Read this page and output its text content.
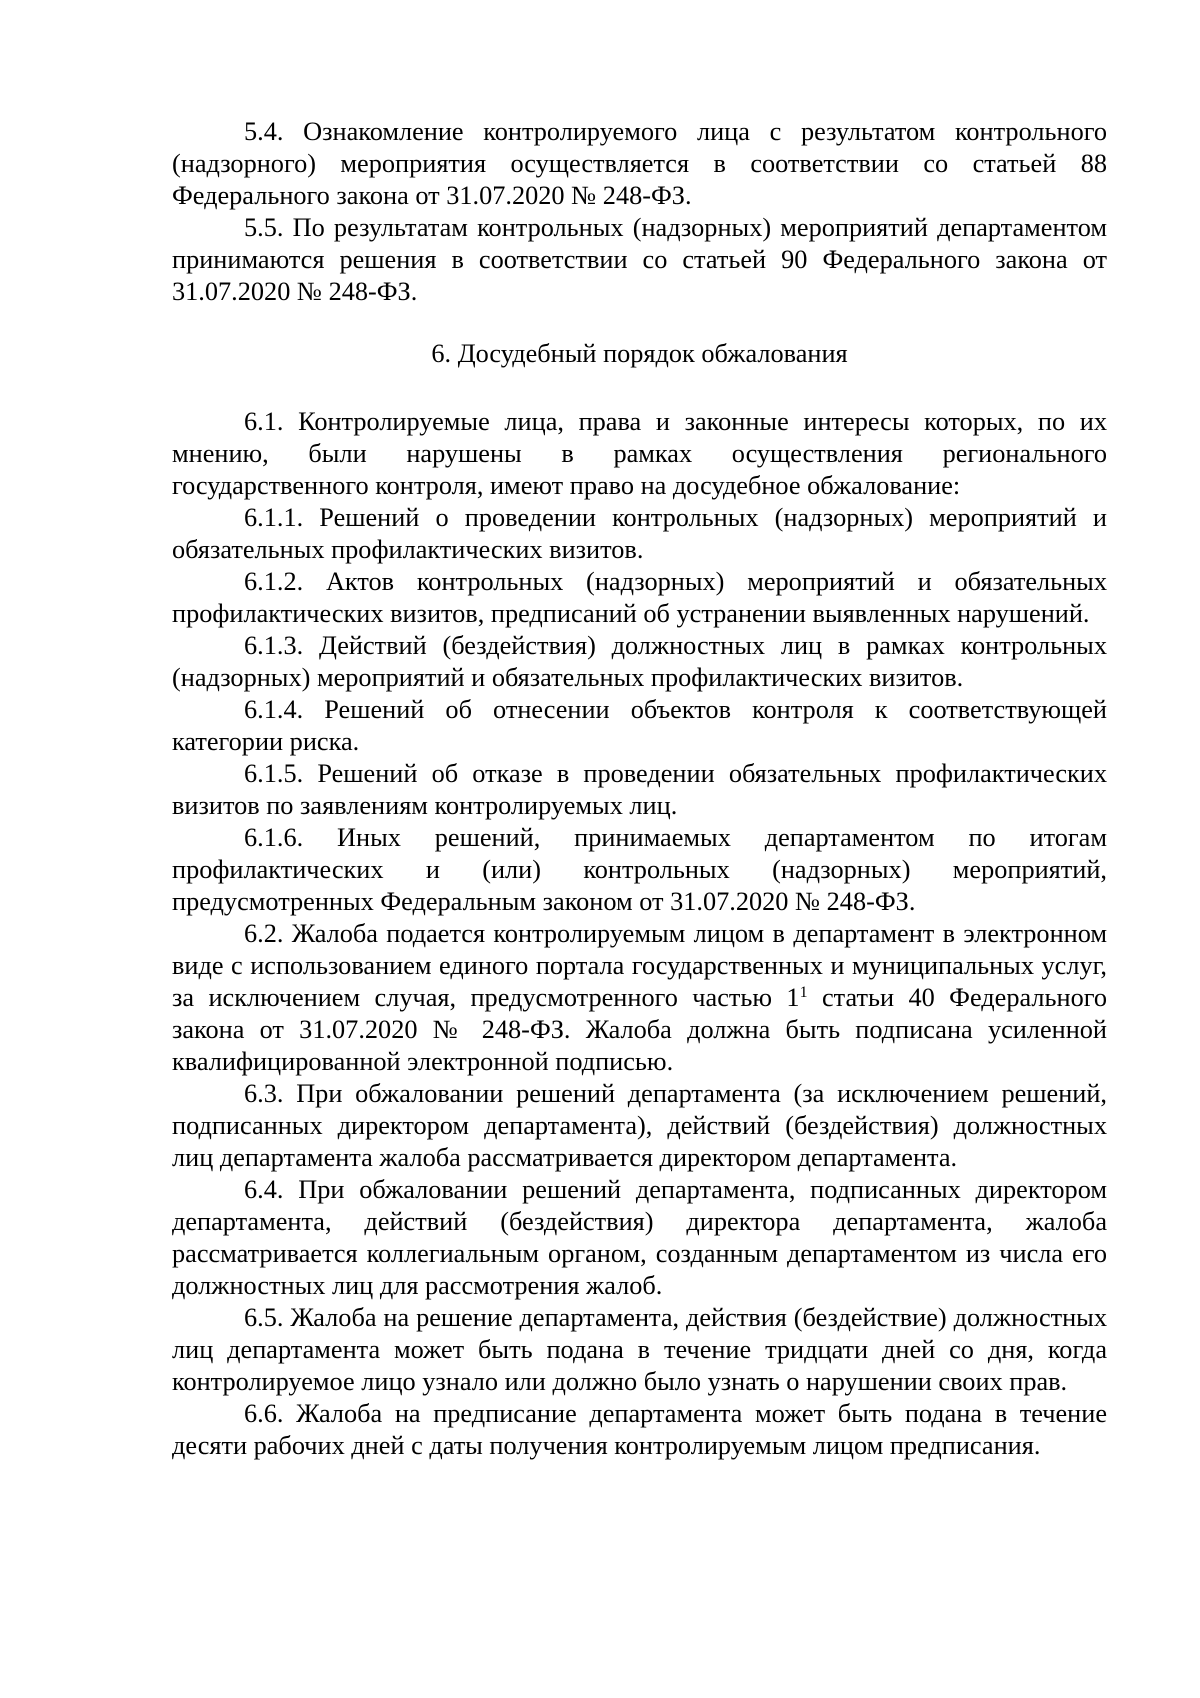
5.4. Ознакомление контролируемого лица с результатом контрольного (надзорного) мероприятия осуществляется в соответствии со статьей 88 Федерального закона от 31.07.2020 № 248-ФЗ.

5.5. По результатам контрольных (надзорных) мероприятий департаментом принимаются решения в соответствии со статьей 90 Федерального закона от 31.07.2020 № 248-ФЗ.

6. Досудебный порядок обжалования

6.1. Контролируемые лица, права и законные интересы которых, по их мнению, были нарушены в рамках осуществления регионального государственного контроля, имеют право на досудебное обжалование:

6.1.1. Решений о проведении контрольных (надзорных) мероприятий и обязательных профилактических визитов.

6.1.2. Актов контрольных (надзорных) мероприятий и обязательных профилактических визитов, предписаний об устранении выявленных нарушений.

6.1.3. Действий (бездействия) должностных лиц в рамках контрольных (надзорных) мероприятий и обязательных профилактических визитов.

6.1.4. Решений об отнесении объектов контроля к соответствующей категории риска.

6.1.5. Решений об отказе в проведении обязательных профилактических визитов по заявлениям контролируемых лиц.

6.1.6. Иных решений, принимаемых департаментом по итогам профилактических и (или) контрольных (надзорных) мероприятий, предусмотренных Федеральным законом от 31.07.2020 № 248-ФЗ.

6.2. Жалоба подается контролируемым лицом в департамент в электронном виде с использованием единого портала государственных и муниципальных услуг, за исключением случая, предусмотренного частью $1^1$ статьи 40 Федерального закона от 31.07.2020 № 248-ФЗ. Жалоба должна быть подписана усиленной квалифицированной электронной подписью.

6.3. При обжаловании решений департамента (за исключением решений, подписанных директором департамента), действий (бездействия) должностных лиц департамента жалоба рассматривается директором департамента.

6.4. При обжаловании решений департамента, подписанных директором департамента, действий (бездействия) директора департамента, жалоба рассматривается коллегиальным органом, созданным департаментом из числа его должностных лиц для рассмотрения жалоб.

6.5. Жалоба на решение департамента, действия (бездействие) должностных лиц департамента может быть подана в течение тридцати дней со дня, когда контролируемое лицо узнало или должно было узнать о нарушении своих прав.

6.6. Жалоба на предписание департамента может быть подана в течение десяти рабочих дней с даты получения контролируемым лицом предписания.
